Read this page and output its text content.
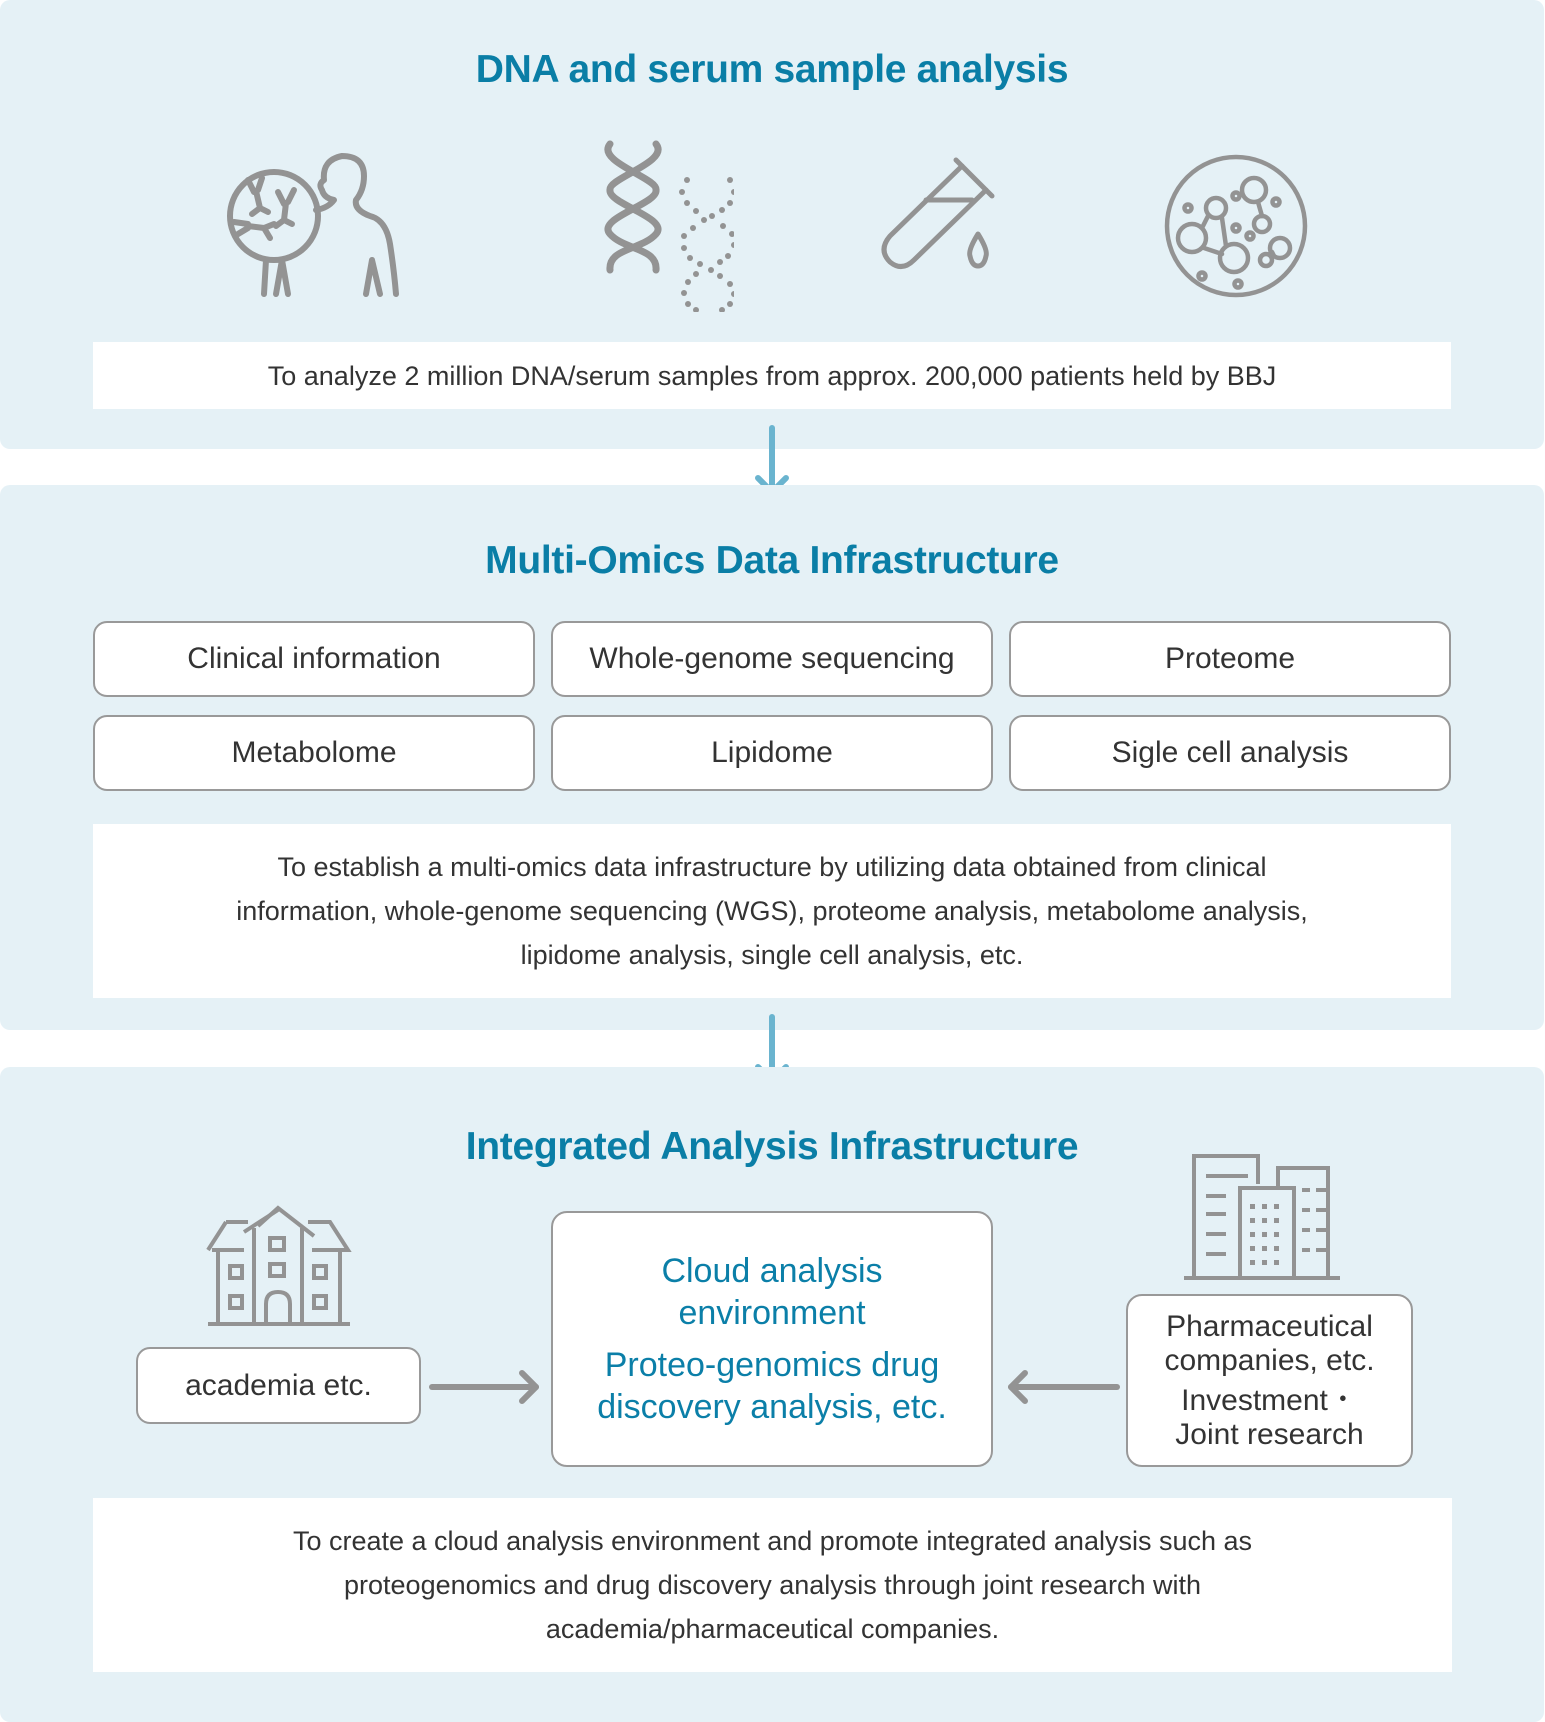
DNA and serum sample analysis
To analyze 2 million DNA/serum samples from approx. 200,000 patients held by BBJ
Multi-Omics Data Infrastructure
Clinical information	Whole-genome sequencing	Proteome
Metabolome	Lipidome	Sigle cell analysis
To establish a multi-omics data infrastructure by utilizing data obtained from clinical
information, whole-genome sequencing (WGS), proteome analysis, metabolome analysis,
lipidome analysis, single cell analysis, etc.
Integrated Analysis Infrastructure
academia etc.
Cloud analysis
environment
Proteo-genomics drug
discovery analysis, etc.
Pharmaceutical
companies, etc.
Investment・
Joint research
To create a cloud analysis environment and promote integrated analysis such as
proteogenomics and drug discovery analysis through joint research with
academia/pharmaceutical companies.
